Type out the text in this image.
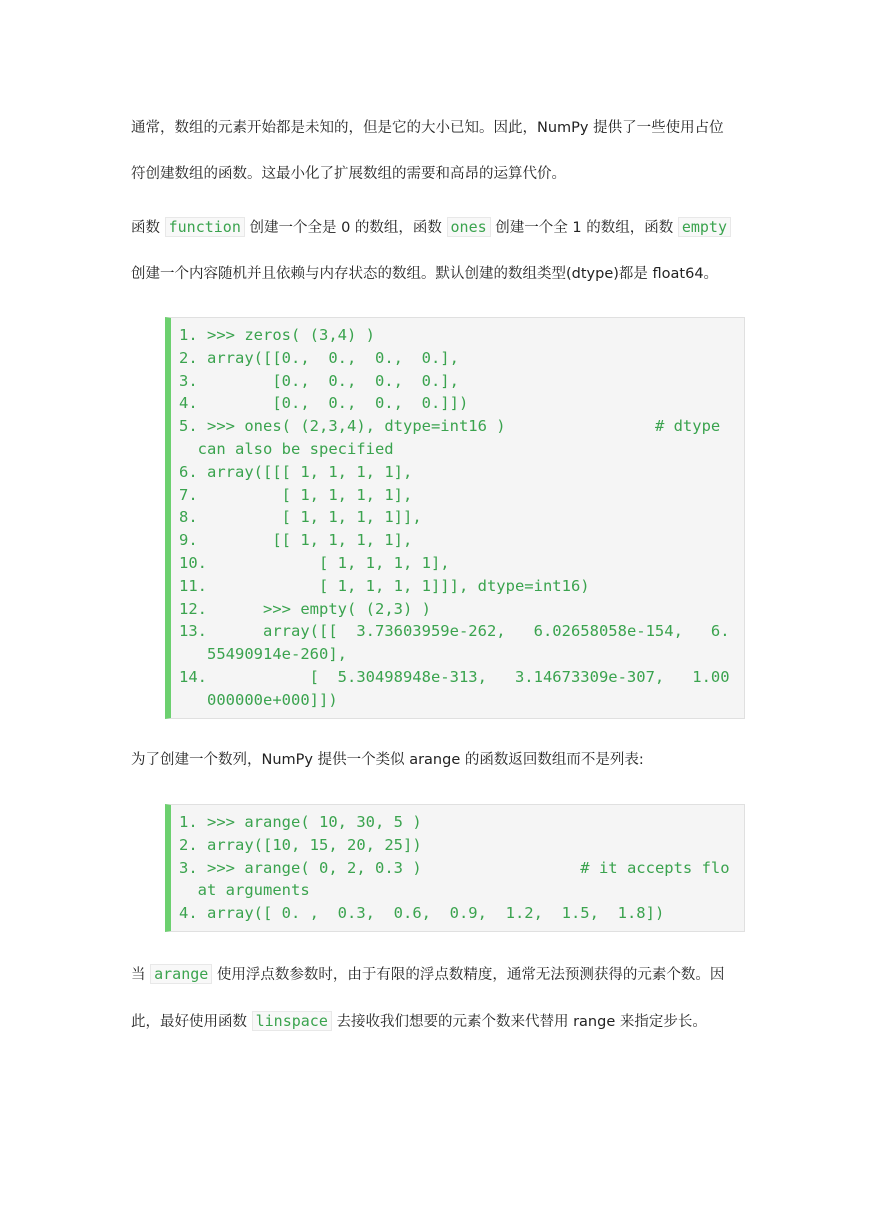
通常，数组的元素开始都是未知的，但是它的大小已知。因此，NumPy 提供了一些使用占位
符创建数组的函数。这最小化了扩展数组的需要和高昂的运算代价。

函数 function 创建一个全是 0 的数组，函数 ones 创建一个全 1 的数组，函数 empty
创建一个内容随机并且依赖与内存状态的数组。默认创建的数组类型(dtype)都是 float64。

1. >>> zeros( (3,4) )
2. array([[0.,  0.,  0.,  0.],
3. [0.,  0.,  0.,  0.],
4. [0.,  0.,  0.,  0.]])
5. >>> ones( (2,3,4), dtype=int16 )                # dtype can also be specified
6. array([[[ 1, 1, 1, 1],
7. [ 1, 1, 1, 1],
8. [ 1, 1, 1, 1]],
9. [[ 1, 1, 1, 1],
10. [ 1, 1, 1, 1],
11. [ 1, 1, 1, 1]]], dtype=int16)
12. >>> empty( (2,3) )
13. array([[  3.73603959e-262,   6.02658058e-154,   6.55490914e-260],
14. [  5.30498948e-313,   3.14673309e-307,   1.00000000e+000]])

为了创建一个数列，NumPy 提供一个类似 arange 的函数返回数组而不是列表:

1. >>> arange( 10, 30, 5 )
2. array([10, 15, 20, 25])
3. >>> arange( 0, 2, 0.3 )                 # it accepts float arguments
4. array([ 0. ,  0.3,  0.6,  0.9,  1.2,  1.5,  1.8])

当 arange 使用浮点数参数时，由于有限的浮点数精度，通常无法预测获得的元素个数。因
此，最好使用函数 linspace 去接收我们想要的元素个数来代替用 range 来指定步长。
